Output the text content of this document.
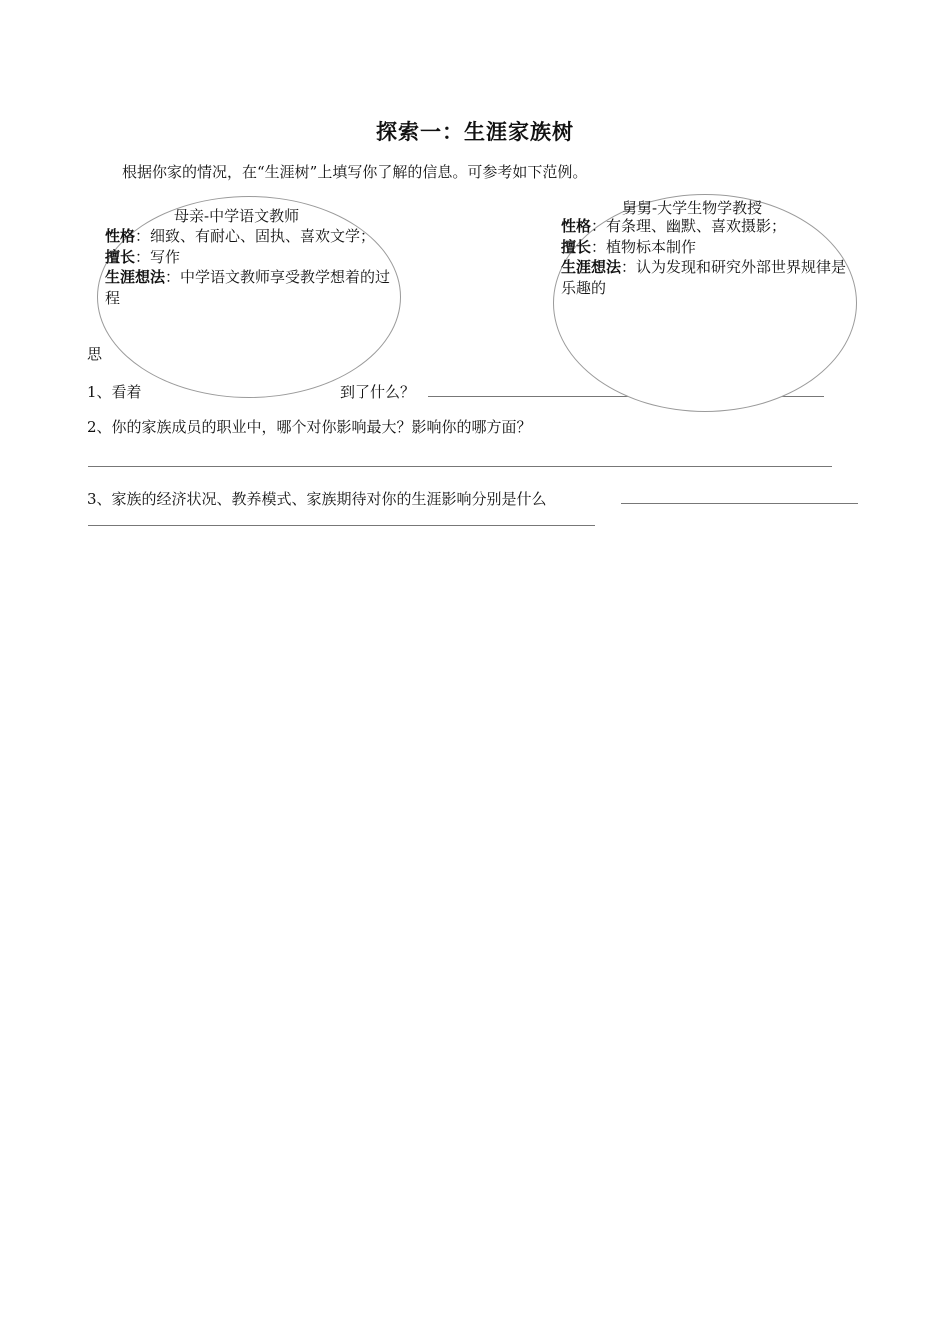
探索一：生涯家族树
根据你家的情况，在“生涯树”上填写你了解的信息。可参考如下范例。
思
1、看着	到了什么？
2、你的家族成员的职业中，哪个对你影响最大？影响你的哪方面？
3、家族的经济状况、教养模式、家族期待对你的生涯影响分别是什么
母亲-中学语文教师
性格：细致、有耐心、固执、喜欢文学；
擅长：写作
生涯想法：中学语文教师享受教学想着的过程
舅舅-大学生物学教授
性格：有条理、幽默、喜欢摄影；
擅长：植物标本制作
生涯想法：认为发现和研究外部世界规律是乐趣的
